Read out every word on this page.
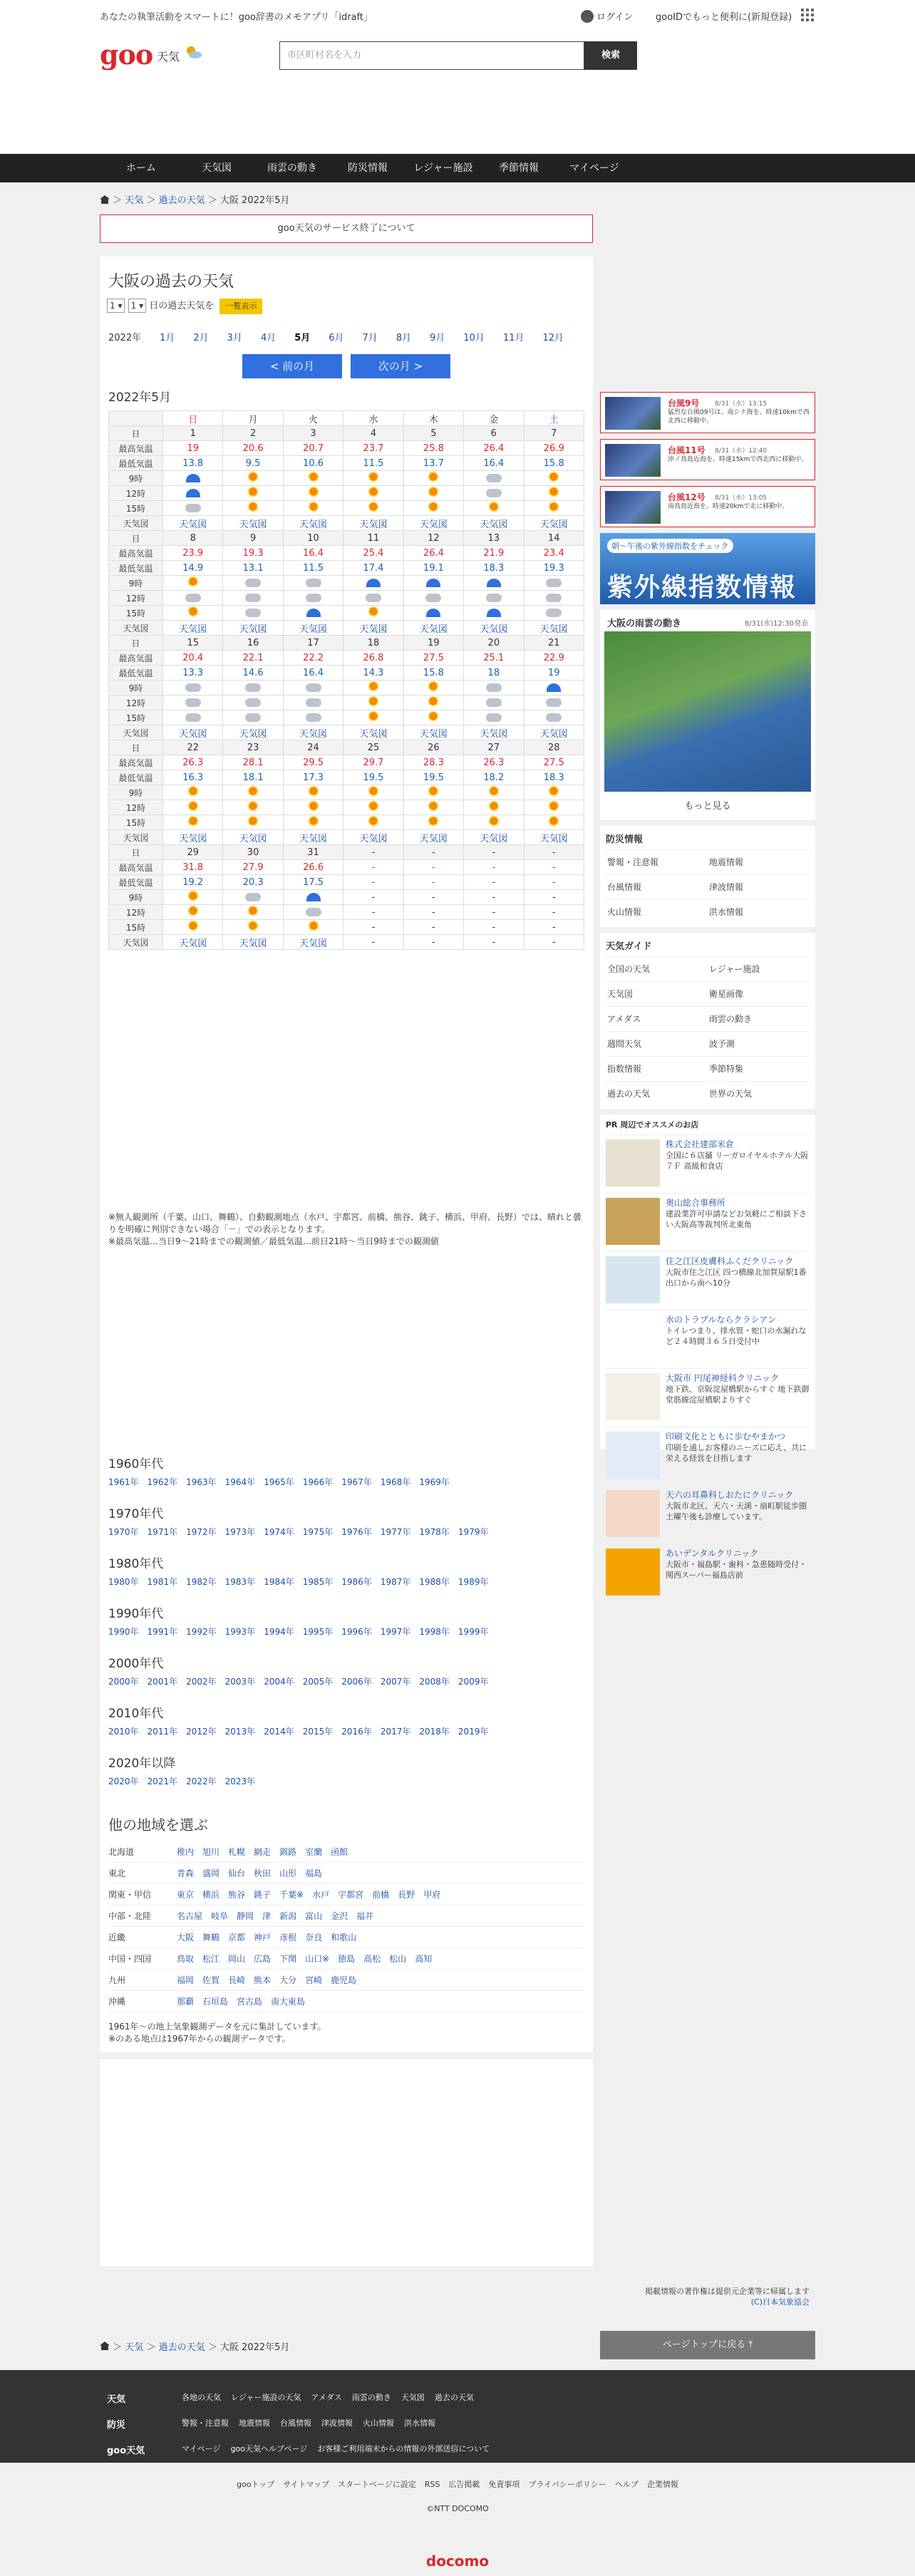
あなたの執筆活動をスマートに！goo辞書のメモアプリ「idraft」	ログイン gooIDでもっと便利に(新規登録)
goo 天気	市区町村名を入力	検索
ホーム	天気図	雨雲の動き	防災情報	レジャー施設	季節情報	マイページ
＞ 天気 ＞ 過去の天気 ＞ 大阪 2022年5月
goo天気のサービス終了について
大阪の過去の天気
1 ▾ 1 ▾ 日の過去天気を 一覧表示
2022年 1月 2月 3月 4月 5月 6月 7月 8月 9月 10月 11月 12月
< 前の月	次の月 >
2022年5月
	日	月	火	水	木	金	土
日	1	2	3	4	5	6	7
最高気温	19	20.6	20.7	23.7	25.8	26.4	26.9
最低気温	13.8	9.5	10.6	11.5	13.7	16.4	15.8
9時							
12時							
15時							
天気図	天気図	天気図	天気図	天気図	天気図	天気図	天気図
日	8	9	10	11	12	13	14
最高気温	23.9	19.3	16.4	25.4	26.4	21.9	23.4
最低気温	14.9	13.1	11.5	17.4	19.1	18.3	19.3
9時							
12時							
15時							
天気図	天気図	天気図	天気図	天気図	天気図	天気図	天気図
日	15	16	17	18	19	20	21
最高気温	20.4	22.1	22.2	26.8	27.5	25.1	22.9
最低気温	13.3	14.6	16.4	14.3	15.8	18	19
9時							
12時							
15時							
天気図	天気図	天気図	天気図	天気図	天気図	天気図	天気図
日	22	23	24	25	26	27	28
最高気温	26.3	28.1	29.5	29.7	28.3	26.3	27.5
最低気温	16.3	18.1	17.3	19.5	19.5	18.2	18.3
9時							
12時							
15時							
天気図	天気図	天気図	天気図	天気図	天気図	天気図	天気図
日	29	30	31	-	-	-	-
最高気温	31.8	27.9	26.6	-	-	-	-
最低気温	19.2	20.3	17.5	-	-	-	-
9時				-	-	-	-
12時				-	-	-	-
15時				-	-	-	-
天気図	天気図	天気図	天気図	-	-	-	-
※無人観測所（千葉、山口、舞鶴）、自動観測地点（水戸、宇都宮、前橋、熊谷、銚子、横浜、甲府、長野）では、晴れと曇りを明確に判別できない場合「－」での表示となります。
※最高気温…当日9〜21時までの観測値／最低気温…前日21時〜当日9時までの観測値
1960年代
1961年 1962年 1963年 1964年 1965年 1966年 1967年 1968年 1969年
1970年代
1970年 1971年 1972年 1973年 1974年 1975年 1976年 1977年 1978年 1979年
1980年代
1980年 1981年 1982年 1983年 1984年 1985年 1986年 1987年 1988年 1989年
1990年代
1990年 1991年 1992年 1993年 1994年 1995年 1996年 1997年 1998年 1999年
2000年代
2000年 2001年 2002年 2003年 2004年 2005年 2006年 2007年 2008年 2009年
2010年代
2010年 2011年 2012年 2013年 2014年 2015年 2016年 2017年 2018年 2019年
2020年以降
2020年 2021年 2022年 2023年
他の地域を選ぶ
北海道	稚内 旭川 札幌 網走 釧路 室蘭 函館
東北	青森 盛岡 仙台 秋田 山形 福島
関東・甲信	東京 横浜 熊谷 銚子 千葉※ 水戸 宇都宮 前橋 長野 甲府
中部・北陸	名古屋 岐阜 静岡 津 新潟 富山 金沢 福井
近畿	大阪 舞鶴 京都 神戸 彦根 奈良 和歌山
中国・四国	鳥取 松江 岡山 広島 下関 山口※ 徳島 高松 松山 高知
九州	福岡 佐賀 長崎 熊本 大分 宮崎 鹿児島
沖縄	那覇 石垣島 宮古島 南大東島
1961年〜の地上気象観測データを元に集計しています。
※のある地点は1967年からの観測データです。
台風9号 8/31（水）13:15
猛烈な台風09号は、南シナ海を、時速10kmで西北西に移動中。
台風11号 8/31（水）12:40
沖ノ鳥島近海を、時速15kmで西北西に移動中。
台風12号 8/31（水）13:05
南鳥島近海を、時速20kmで北に移動中。
朝〜午後の紫外線指数をチェック
紫外線指数情報
大阪の雨雲の動き	8/31(水)12:30発表
もっと見る
防災情報
警報・注意報	地震情報
台風情報	津波情報
火山情報	洪水情報
天気ガイド
全国の天気	レジャー施設
天気図	衛星画像
アメダス	雨雲の動き
週間天気	波予測
指数情報	季節特集
過去の天気	世界の天気
PR 周辺でオススメのお店
株式会社建部米倉
全国に６店舗 リーガロイヤルホテル大阪７Ｆ 高級和食店
奥山総合事務所
建設業許可申請などお気軽にご相談下さい大阪高等裁判所北東角
住之江区皮膚科ふくだクリニック
大阪市住之江区 四つ橋線北加賀屋駅1番出口から南へ10分
水のトラブルならクラシアン
トイレつまり、排水管・蛇口の水漏れなど２４時間３６５日受付中
大阪市 円尾神経科クリニック
地下鉄、京阪淀屋橋駅からすぐ 地下鉄御堂筋線淀屋橋駅よりすぐ
印刷文化とともに歩むやまかつ
印刷を通しお客様のニーズに応え、共に栄える経営を目指します
天六の耳鼻科しおたにクリニック
大阪市北区、天六・天満・扇町駅徒歩圏土曜午後も診療しています。
あいデンタルクリニック
大阪市・福島駅・歯科・急患随時受付・関西スーパー福島店前
掲載情報の著作権は提供元企業等に帰属します
(C)日本気象協会
＞ 天気 ＞ 過去の天気 ＞ 大阪 2022年5月	ページトップに戻る ⤒
天気	各地の天気 レジャー施設の天気 アメダス 雨雲の動き 天気図 過去の天気
防災	警報・注意報 地震情報 台風情報 津波情報 火山情報 洪水情報
goo天気	マイページ goo天気ヘルプページ お客様ご利用端末からの情報の外部送信について
gooトップ サイトマップ スタートページに設定 RSS 広告掲載 免責事項 プライバシーポリシー ヘルプ 企業情報
©NTT DOCOMO
docomo
